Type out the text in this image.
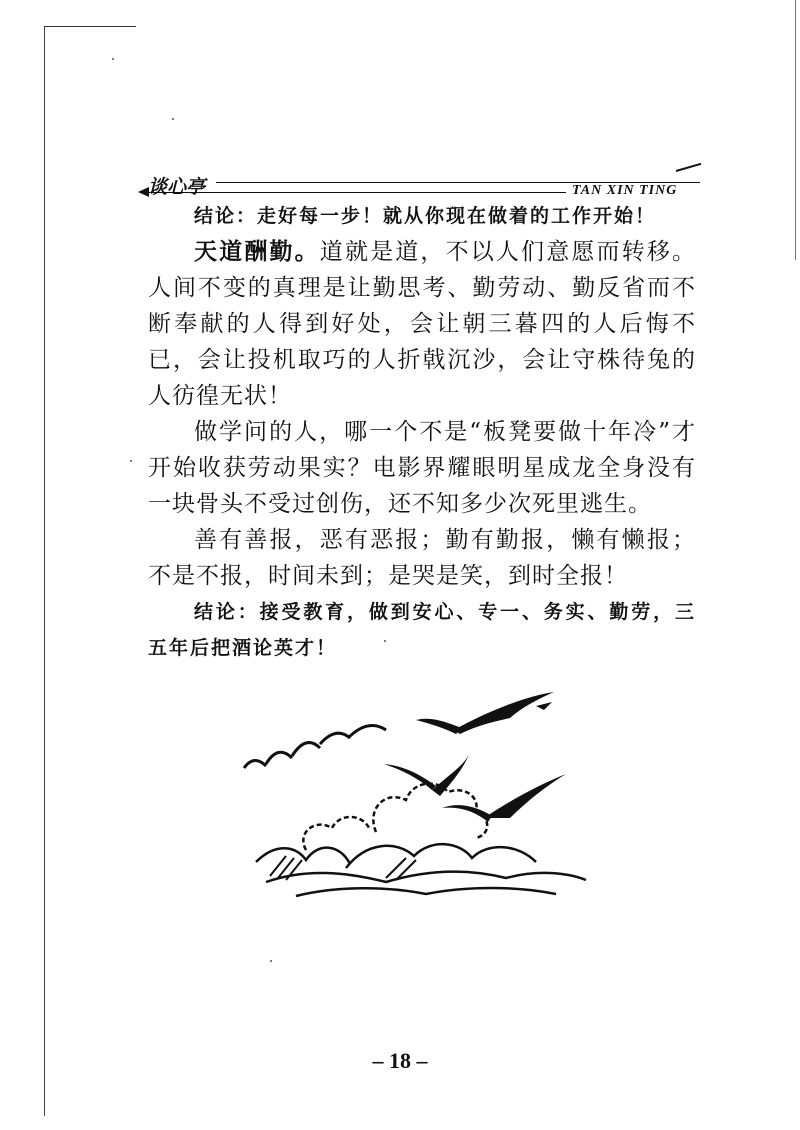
谈心亭	TAN XIN TING

结论：走好每一步！就从你现在做着的工作开始！

天道酬勤。道就是道，不以人们意愿而转移。人间不变的真理是让勤思考、勤劳动、勤反省而不断奉献的人得到好处，会让朝三暮四的人后悔不已，会让投机取巧的人折戟沉沙，会让守株待兔的人彷徨无状！

做学问的人，哪一个不是“板凳要做十年冷”才开始收获劳动果实？电影界耀眼明星成龙全身没有一块骨头不受过创伤，还不知多少次死里逃生。

善有善报，恶有恶报；勤有勤报，懒有懒报；不是不报，时间未到；是哭是笑，到时全报！

结论：接受教育，做到安心、专一、务实、勤劳，三五年后把酒论英才！

– 18 –
